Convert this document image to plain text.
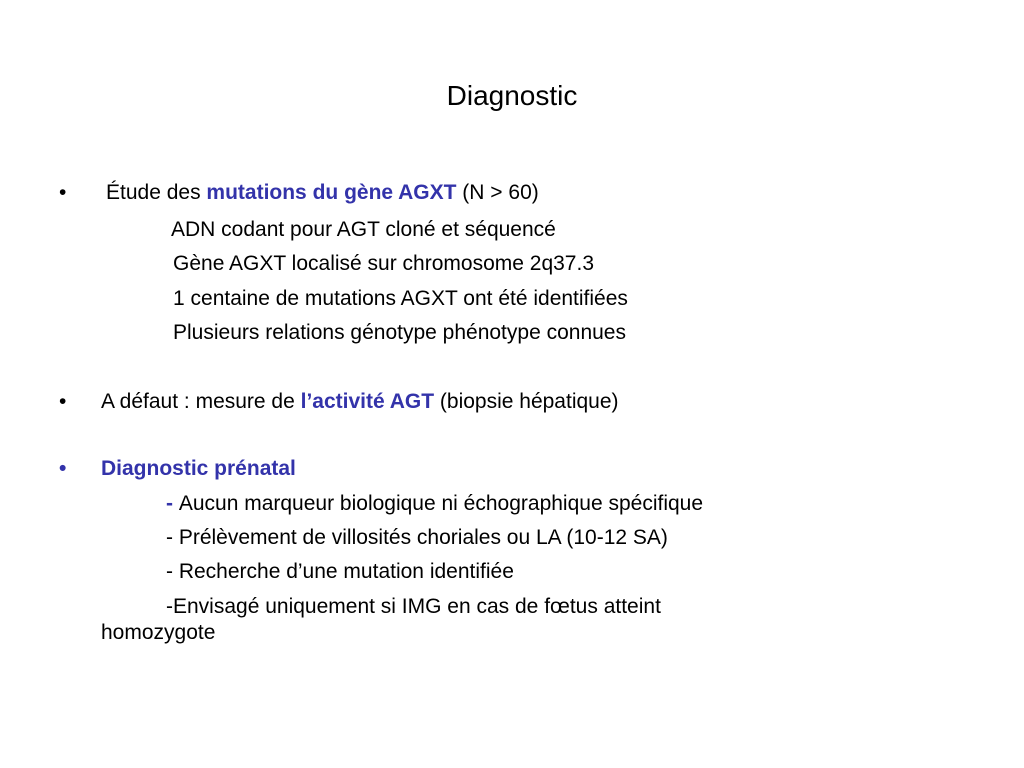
Diagnostic
• Étude des mutations du gène AGXT (N > 60)
ADN codant pour AGT cloné et séquencé
Gène AGXT localisé sur chromosome 2q37.3
1 centaine de mutations AGXT ont été identifiées
Plusieurs relations génotype phénotype connues
• A défaut : mesure de l’activité AGT (biopsie hépatique)
• Diagnostic prénatal
- Aucun marqueur biologique ni échographique spécifique
- Prélèvement de villosités choriales ou LA (10-12 SA)
- Recherche d’une mutation identifiée
-Envisagé uniquement si IMG en cas de fœtus atteint
homozygote
